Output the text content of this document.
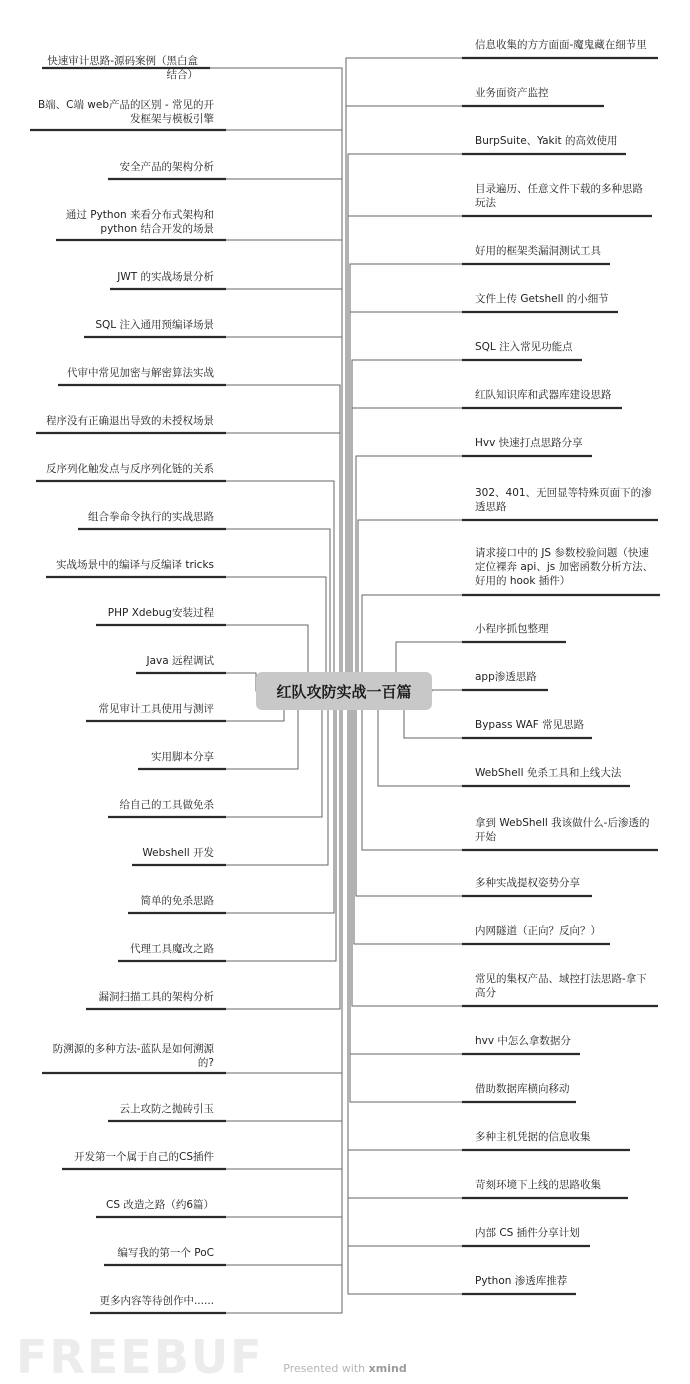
快速审计思路-源码案例（黑白盒结合）
B端、C端 web产品的区别 - 常见的开发框架与模板引擎
安全产品的架构分析
通过 Python 来看分布式架构和 python 结合开发的场景
JWT 的实战场景分析
SQL 注入通用预编译场景
代审中常见加密与解密算法实战
程序没有正确退出导致的未授权场景
反序列化触发点与反序列化链的关系
组合拳命令执行的实战思路
实战场景中的编译与反编译 tricks
PHP Xdebug安装过程
Java 远程调试
常见审计工具使用与测评
实用脚本分享
给自己的工具做免杀
Webshell 开发
简单的免杀思路
代理工具魔改之路
漏洞扫描工具的架构分析
防溯源的多种方法-蓝队是如何溯源的?
云上攻防之抛砖引玉
开发第一个属于自己的CS插件
CS 改造之路（约6篇）
编写我的第一个 PoC
更多内容等待创作中......
信息收集的方方面面-魔鬼藏在细节里
业务面资产监控
BurpSuite、Yakit 的高效使用
目录遍历、任意文件下载的多种思路玩法
好用的框架类漏洞测试工具
文件上传 Getshell 的小细节
SQL 注入常见功能点
红队知识库和武器库建设思路
Hvv 快速打点思路分享
302、401、无回显等特殊页面下的渗透思路
请求接口中的 JS 参数校验问题（快速定位裸奔 api、js 加密函数分析方法、好用的 hook 插件）
小程序抓包整理
app渗透思路
Bypass WAF 常见思路
WebShell 免杀工具和上线大法
拿到 WebShell 我该做什么-后渗透的开始
多种实战提权姿势分享
内网隧道（正向？反向？）
常见的集权产品、域控打法思路-拿下高分
hvv 中怎么拿数据分
借助数据库横向移动
多种主机凭据的信息收集
苛刻环境下上线的思路收集
内部 CS 插件分享计划
Python 渗透库推荐
红队攻防实战一百篇
FREEBUF	Presented with xmind
